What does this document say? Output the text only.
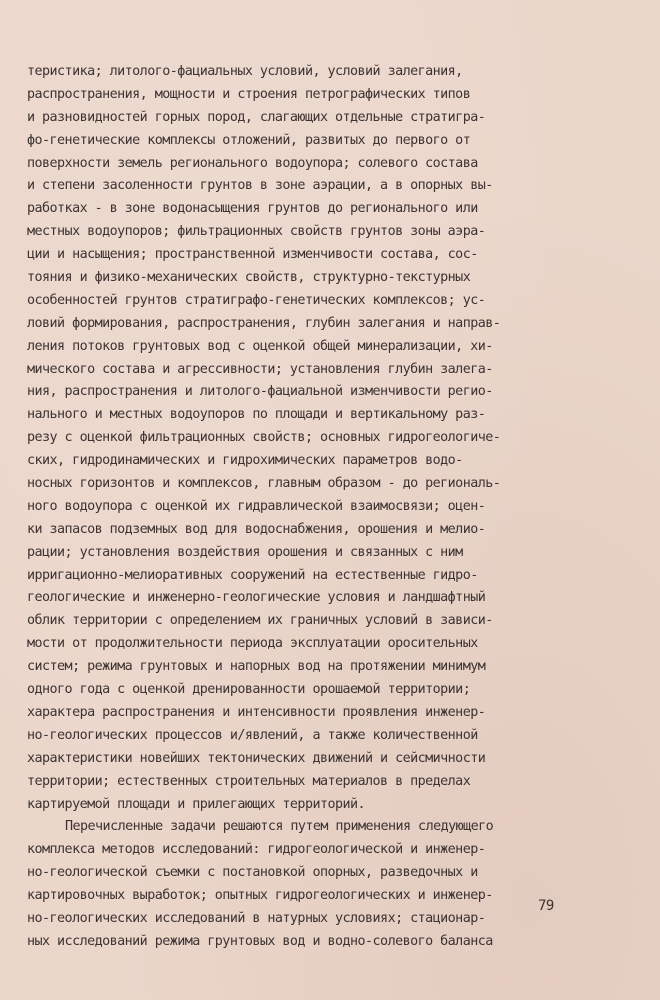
теристика; литолого-фациальных условий, условий залегания,
распространения, мощности и строения петрографических типов
и разновидностей горных пород, слагающих отдельные стратигра-
фо-генетические комплексы отложений, развитых до первого от
поверхности земель регионального водоупора; солевого состава
и степени засоленности грунтов в зоне аэрации, а в опорных вы-
работках - в зоне водонасыщения грунтов до регионального или
местных водоупоров; фильтрационных свойств грунтов зоны аэра-
ции и насыщения; пространственной изменчивости состава, сос-
тояния и физико-механических свойств, структурно-текстурных
особенностей грунтов стратиграфо-генетических комплексов; ус-
ловий формирования, распространения, глубин залегания и направ-
ления потоков грунтовых вод с оценкой общей минерализации, хи-
мического состава и агрессивности; установления глубин залега-
ния, распространения и литолого-фациальной изменчивости регио-
нального и местных водоупоров по площади и вертикальному раз-
резу с оценкой фильтрационных свойств; основных гидрогеологиче-
ских, гидродинамических и гидрохимических параметров водо-
носных горизонтов и комплексов, главным образом - до региональ-
ного водоупора с оценкой их гидравлической взаимосвязи; оцен-
ки запасов подземных вод для водоснабжения, орошения и мелио-
рации; установления воздействия орошения и связанных с ним
ирригационно-мелиоративных сооружений на естественные гидро-
геологические и инженерно-геологические условия и ландшафтный
облик территории с определением их граничных условий в зависи-
мости от продолжительности периода эксплуатации оросительных
систем; режима грунтовых и напорных вод на протяжении минимум
одного года с оценкой дренированности орошаемой территории;
характера распространения и интенсивности проявления инженер-
но-геологических процессов и/явлений, а также количественной
характеристики новейших тектонических движений и сейсмичности
территории; естественных строительных материалов в пределах
картируемой площади и прилегающих территорий.
Перечисленные задачи решаются путем применения следующего
комплекса методов исследований: гидрогеологической и инженер-
но-геологической съемки с постановкой опорных, разведочных и
картировочных выработок; опытных гидрогеологических и инженер-
но-геологических исследований в натурных условиях; стационар-
ных исследований режима грунтовых вод и водно-солевого баланса
79
